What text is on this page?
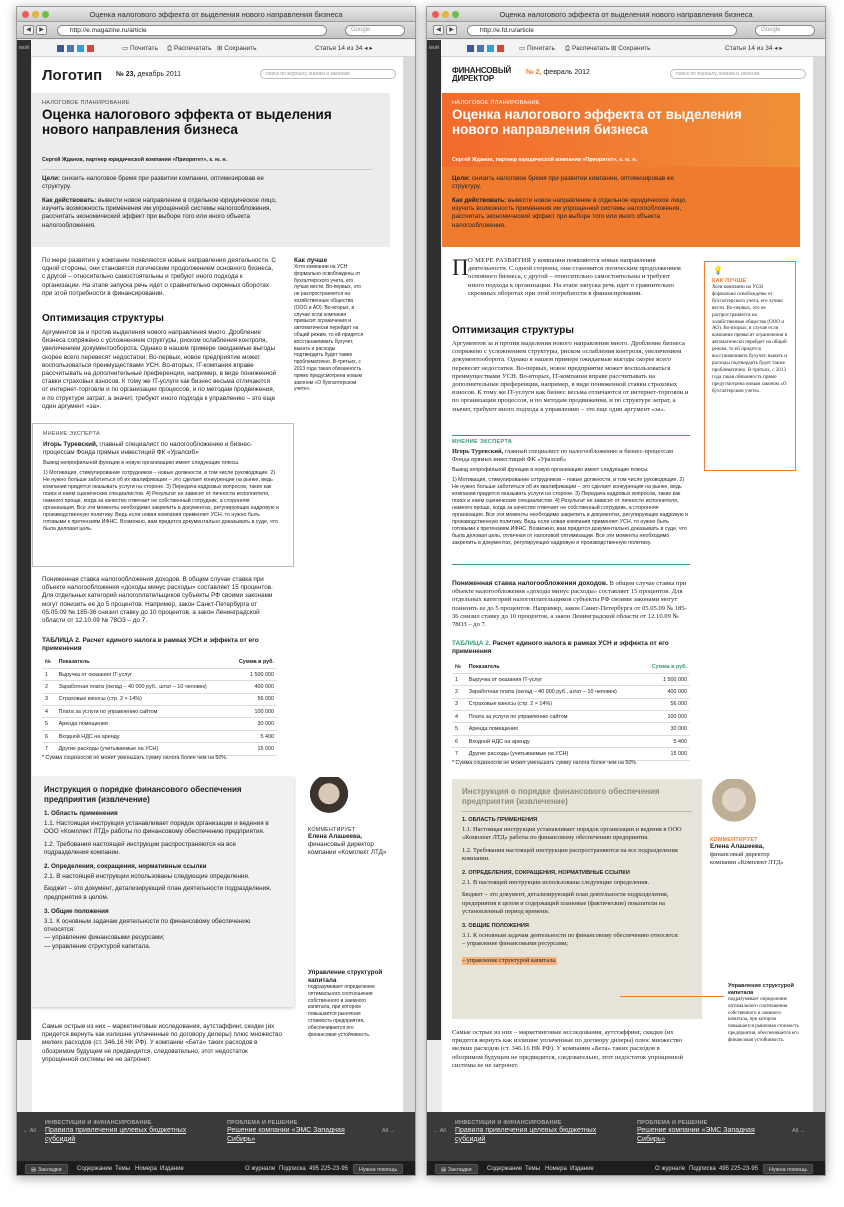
Оценка налогового эффекта от выделения нового направления бизнеса
◀	▶	http://e.magazine.ru/article	Google
▭ Почитать ⎙ Распечатать ⊞ Сохранить	Статья 14 из 34 ◂ ▸
мой
Логотип № 23, декабрь 2011	поиск по журналу, книгам и законам
НАЛОГОВОЕ ПЛАНИРОВАНИЕ
Оценка налогового эффекта от выделения нового направления бизнеса
Сергей Жданов, партнер юридической компании «Приоритет», к. ю. н.
Цели: снизить налоговое бремя при развитии компании, оптимизировав ее структуру.
Как действовать: вывести новое направление в отдельное юридическое лицо, изучить возможность применения им упрощенной системы налогообложения, рассчитать экономический эффект при выборе того или иного объекта налогообложения.
По мере развития у компании появляются новые направления деятельности. С одной стороны, они становятся логическим продолжением основного бизнеса, с другой – относительно самостоятельны и требуют иного подхода к организации. На этапе запуска речь идет о сравнительно скромных оборотах при этой потребности в финансировании.
Как лучше
Хотя компании на УСН формально освобождены от бухгалтерского учета, его лучше вести. Во-первых, это не распространяется на хозяйственные общества (ООО и АО). Во-вторых, в случае если компания превысит ограничения и автоматически перейдет на общий режим, то ей придется восстанавливать бухучет, выкать и расходы подтвердить будет также проблематично. В-третьих, с 2013 года такая обязанность прямо предусмотрена новым законом «О бухгалтерском учете».
Оптимизация структуры
Аргументов за и против выделения нового направления много. Дробление бизнеса сопряжено с усложнением структуры, риском ослабления контроля, увеличением документооборота. Однако в нашем примере ожидаемые выгоды скорее всего перевесят недостатки. Во-первых, новое предприятие может воспользоваться преимуществами УСН. Во-вторых, IT-компания вправе рассчитывать на дополнительные преференции, например, в виде пониженной ставки страховых взносов. К тому же IT-услуги как бизнес весьма отличаются от интернет-торговли и по организации процессов, и по методам продвижения, и по структуре затрат, а значит, требуют иного подхода к управлению – это еще один аргумент «за».
МНЕНИЕ ЭКСПЕРТА
Игорь Туревский, главный специалист по налогообложению и бизнес-процессам Фонда прямых инвестиций ФК «Уралсиб»
Вывод непрофильной функции в новую организацию имеет следующие плюсы.
1) Мотивация, стимулирование сотрудников – новые должности, в том числе руководящие. 2) Не нужно больше заботиться об их квалификации – это сделает конкуренция на рынке, ведь компании придется оказывать услуги на стороне. 3) Передача кадровых вопросов, таких как поиск и наем сценических специалистов. 4) Результат не зависит от личности исполнителя, намного проще, когда за качество отвечает не собственный сотрудник, а сторонняя организация. Все эти моменты необходимо закрепить в документах, регулирующих кадровую и производственную политику. Ведь если новая компания применяет УСН, то нужно быть готовыми к претензиям ИФНС. Возможно, вам придется документально доказывать в суде, что была деловая цель.
Пониженная ставка налогообложения доходов. В общем случае ставка при объекте налогообложения «доходы минус расходы» составляет 15 процентов. Для отдельных категорий налогоплательщиков субъекты РФ своими законами могут понизить ее до 5 процентов. Например, закон Санкт-Петербурга от 05.05.09 № 185-36 снизил ставку до 10 процентов, а закон Ленинградской области от 12.10.09 № 78ОЗ – до 7.
ТАБЛИЦА 2. Расчет единого налога в рамках УСН и эффекта от его применения
№	Показатель	Сумма в руб.
1	Выручка от оказания IT-услуг	1 500 000
2	Заработная плата (оклад – 40 000 руб., штат – 10 человек)	400 000
3	Страховые взносы (стр. 2 × 14%)	56 000
4	Плата за услуги по управлению сайтом	100 000
5	Аренда помещения	30 000
6	Входной НДС на аренду	5 400
7	Другие расходы (учитываемые на УСН)	15 000
* Сумма соцвзносов не может уменьшать сумму налога более чем на 50%.
Инструкция о порядке финансового обеспечения предприятия (извлечение)
1. Область применения
1.1. Настоящая инструкция устанавливает порядок организации и ведения в ООО «Комплект ЛТД» работы по финансовому обеспечению предприятия.
1.2. Требования настоящей инструкции распространяются на все подразделения компании.
2. Определения, сокращения, нормативные ссылки
2.1. В настоящей инструкции использованы следующие определения.
Бюджет – это документ, детализирующий план деятельности подразделения, предприятия в целом.
3. Общие положения
3.1. К основным задачам деятельности по финансовому обеспечению относятся:
— управление финансовыми ресурсами;
— управление структурой капитала.
КОММЕНТИРУЕТ
Елена Алашеева,
финансовый директор компании «Комплект ЛТД»
Управление структурой капитала
подразумевает определение оптимального соотношения собственного и заемного капитала, при котором повышается рыночная стоимость предприятия, обеспечивается его финансовая устойчивость.
Самые острые из них – маркетинговые исследования, аутстаффинг, скидки (их придется вернуть как излишне уплаченные по договору дилеры) плюс множество мелких расходов (ст. 346.16 НК РФ). У компании «Бета» таких расходов в обозримом будущем не предвидится, следовательно, этот недостаток упрощенной системы ее не затронет.
← All
ИНВЕСТИЦИИ И ФИНАНСИРОВАНИЕ
Правила привлечения целевых бюджетных субсидий
ПРОБЛЕМА И РЕШЕНИЕ
Решение компании «ЭМС Западная Сибирь»
All →
▤ Закладки	Содержание Темы Номера Издание	О журнале Подписка 495 225-23-95	Нужна помощь
Оценка налогового эффекта от выделения нового направления бизнеса
◀	▶	http://e.fd.ru/article	Google
▭ Почитать ⎙ Распечатать ⊞ Сохранить	Статья 14 из 34 ◂ ▸
мой
ФИНАНСОВЫЙ
ДИРЕКТОР
№ 2, февраль 2012	поиск по журналу, книгам и законам
НАЛОГОВОЕ ПЛАНИРОВАНИЕ
Оценка налогового эффекта от выделения нового направления бизнеса
Сергей Жданов, партнер юридической компании «Приоритет», к. ю. н.
Цели: снизить налоговое бремя при развитии компании, оптимизировав ее структуру.
Как действовать: вывести новое направление в отдельное юридическое лицо, изучить возможность применения им упрощенной системы налогообложения, рассчитать экономический эффект при выборе того или иного объекта налогообложения.
П О МЕРЕ РАЗВИТИЯ у компании появляются новые направления деятельности. С одной стороны, они становятся логическим продолжением основного бизнеса, с другой – относительно самостоятельны и требуют иного подхода к организации. На этапе запуска речь идет о сравнительно скромных оборотах при этой потребности в финансировании.
💡
КАК ЛУЧШЕ
Хотя компании на УСН формально освобождены от бухгалтерского учета, его лучше вести. Во-первых, это не распространяется на хозяйственные общества (ООО и АО). Во-вторых, в случае если компания превысит ограничения и автоматически перейдет на общий режим, то ей придется восстанавливать бухучет, выкать и расходы подтвердить будет также проблематично. В-третьих, с 2013 года такая обязанность прямо предусмотрена новым законом «О бухгалтерском учете».
Оптимизация структуры
Аргументов за и против выделения нового направления много. Дробление бизнеса сопряжено с усложнением структуры, риском ослабления контроля, увеличением документооборота. Однако в нашем примере ожидаемые выгоды скорее всего перевесят недостатки. Во-первых, новое предприятие может воспользоваться преимуществами УСН. Во-вторых, IT-компания вправе рассчитывать на дополнительные преференции, например, в виде пониженной ставки страховых взносов. К тому же IT-услуги как бизнес весьма отличаются от интернет-торговли и по организации процессов, и по методам продвижения, и по структуре затрат, а значит, требуют иного подхода к управлению – это еще один аргумент «за».
МНЕНИЕ ЭКСПЕРТА
Игорь Туревский, главный специалист по налогообложению и бизнес-процессам Фонда прямых инвестиций ФК «Уралсиб»
Вывод непрофильной функции в новую организацию имеет следующие плюсы.
1) Мотивация, стимулирование сотрудников – новые должности, в том числе руководящие. 2) Не нужно больше заботиться об их квалификации – это сделает конкуренция на рынке, ведь компании придется оказывать услуги на стороне. 3) Передача кадровых вопросов, таких как поиск и наем сценических специалистов. 4) Результат не зависит от личности исполнителя, намного проще, когда за качество отвечает не собственный сотрудник, а сторонняя организация. Все эти моменты необходимо закрепить в документах, регулирующих кадровую и производственную политику. Ведь если новая компания применяет УСН, то нужно быть готовыми к претензиям ИФНС. Возможно, вам придется документально доказывать в суде, что была деловая цель, отличная от налоговой оптимизации. Все эти моменты необходимо закрепить в документах, регулирующих кадровую и производственную политику.
Пониженная ставка налогообложения доходов. В общем случае ставка при объекте налогообложения «доходы минус расходы» составляет 15 процентов. Для отдельных категорий налогоплательщиков субъекты РФ своими законами могут понизить ее до 5 процентов. Например, закон Санкт-Петербурга от 05.05.09 № 185-36 снизил ставку до 10 процентов, а закон Ленинградской области от 12.10.09 № 78ОЗ – до 7.
ТАБЛИЦА 2. Расчет единого налога в рамках УСН и эффекта от его применения
№	Показатель	Сумма в руб.
1	Выручка от оказания IT-услуг	1 500 000
2	Заработная плата (оклад – 40 000 руб., штат – 10 человек)	400 000
3	Страховые взносы (стр. 2 × 14%)	56 000
4	Плата за услуги по управлению сайтом	100 000
5	Аренда помещения	30 000
6	Входной НДС на аренду	5 400
7	Другие расходы (учитываемые на УСН)	15 000
* Сумма соцвзносов не может уменьшать сумму налога более чем на 50%.
Инструкция о порядке финансового обеспечения предприятия (извлечение)
1. ОБЛАСТЬ ПРИМЕНЕНИЯ
1.1. Настоящая инструкция устанавливает порядок организации и ведения в ООО «Комплект ЛТД» работы по финансовому обеспечению предприятия.
1.2. Требования настоящей инструкции распространяются на все подразделения компании.
2. ОПРЕДЕЛЕНИЯ, СОКРАЩЕНИЯ, НОРМАТИВНЫЕ ССЫЛКИ
2.1. В настоящей инструкции использованы следующие определения.
Бюджет – это документ, детализирующий план деятельности подразделения, предприятия в целом и содержащий плановые (фактические) показатели на установленный период времени.
3. ОБЩИЕ ПОЛОЖЕНИЯ
3.1. К основным задачам деятельности по финансовому обеспечению относятся:
– управление финансовыми ресурсами;
– управление структурой капитала.
КОММЕНТИРУЕТ
Елена Алашеева,
финансовый директор компании «Комплект ЛТД»
Управление структурой капитала
подразумевает определение оптимального соотношения собственного и заемного капитала, при котором повышается рыночная стоимость предприятия, обеспечивается его финансовая устойчивость.
Самые острые из них – маркетинговые исследования, аутстаффинг, скидки (их придется вернуть как излишне уплаченные по договору дилеры) плюс множество мелких расходов (ст. 346.16 НК РФ). У компании «Бета» таких расходов в обозримом будущем не предвидится, следовательно, этот недостаток упрощенной системы ее не затронет.
← All
ИНВЕСТИЦИИ И ФИНАНСИРОВАНИЕ
Правила привлечения целевых бюджетных субсидий
ПРОБЛЕМА И РЕШЕНИЕ
Решение компании «ЭМС Западная Сибирь»
All →
▤ Закладки	Содержание Темы Номера Издание	О журнале Подписка 495 225-23-95	Нужна помощь
